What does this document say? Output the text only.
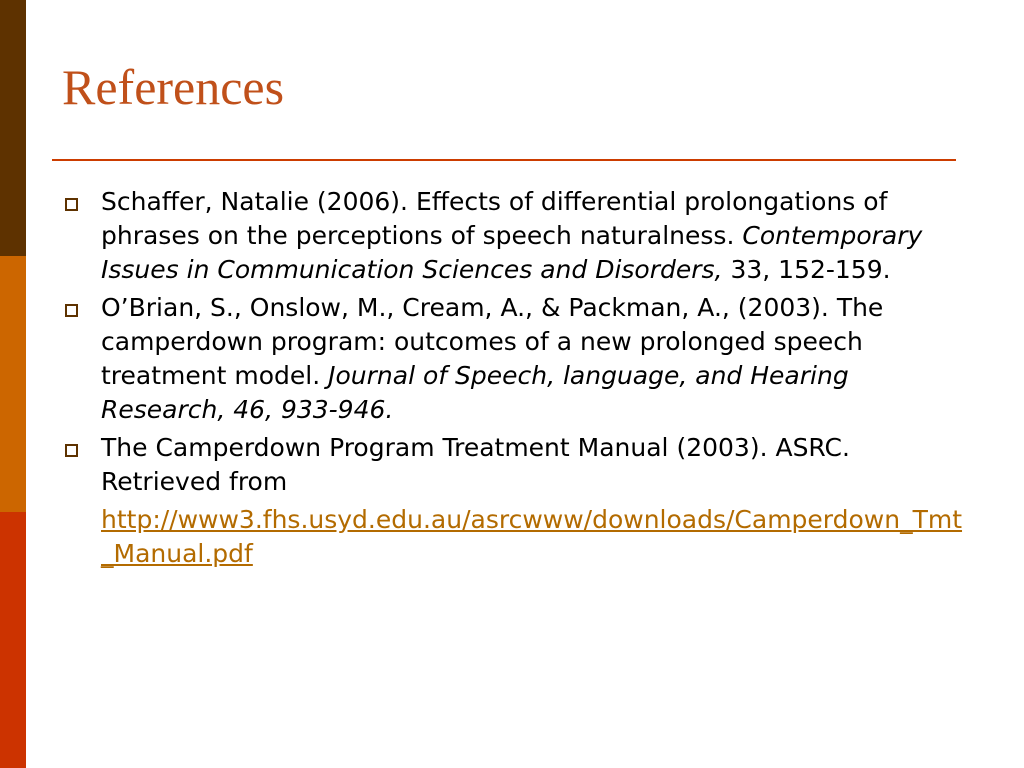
References
Schaffer, Natalie (2006). Effects of differential prolongations of phrases on the perceptions of speech naturalness. Contemporary Issues in Communication Sciences and Disorders, 33, 152-159.
O’Brian, S., Onslow, M., Cream, A., & Packman, A., (2003). The camperdown program: outcomes of a new prolonged speech treatment model. Journal of Speech, language, and Hearing Research, 46, 933-946.
The Camperdown Program Treatment Manual (2003). ASRC. Retrieved from
http://www3.fhs.usyd.edu.au/asrcwww/downloads/Camperdown_Tmt_Manual.pdf
